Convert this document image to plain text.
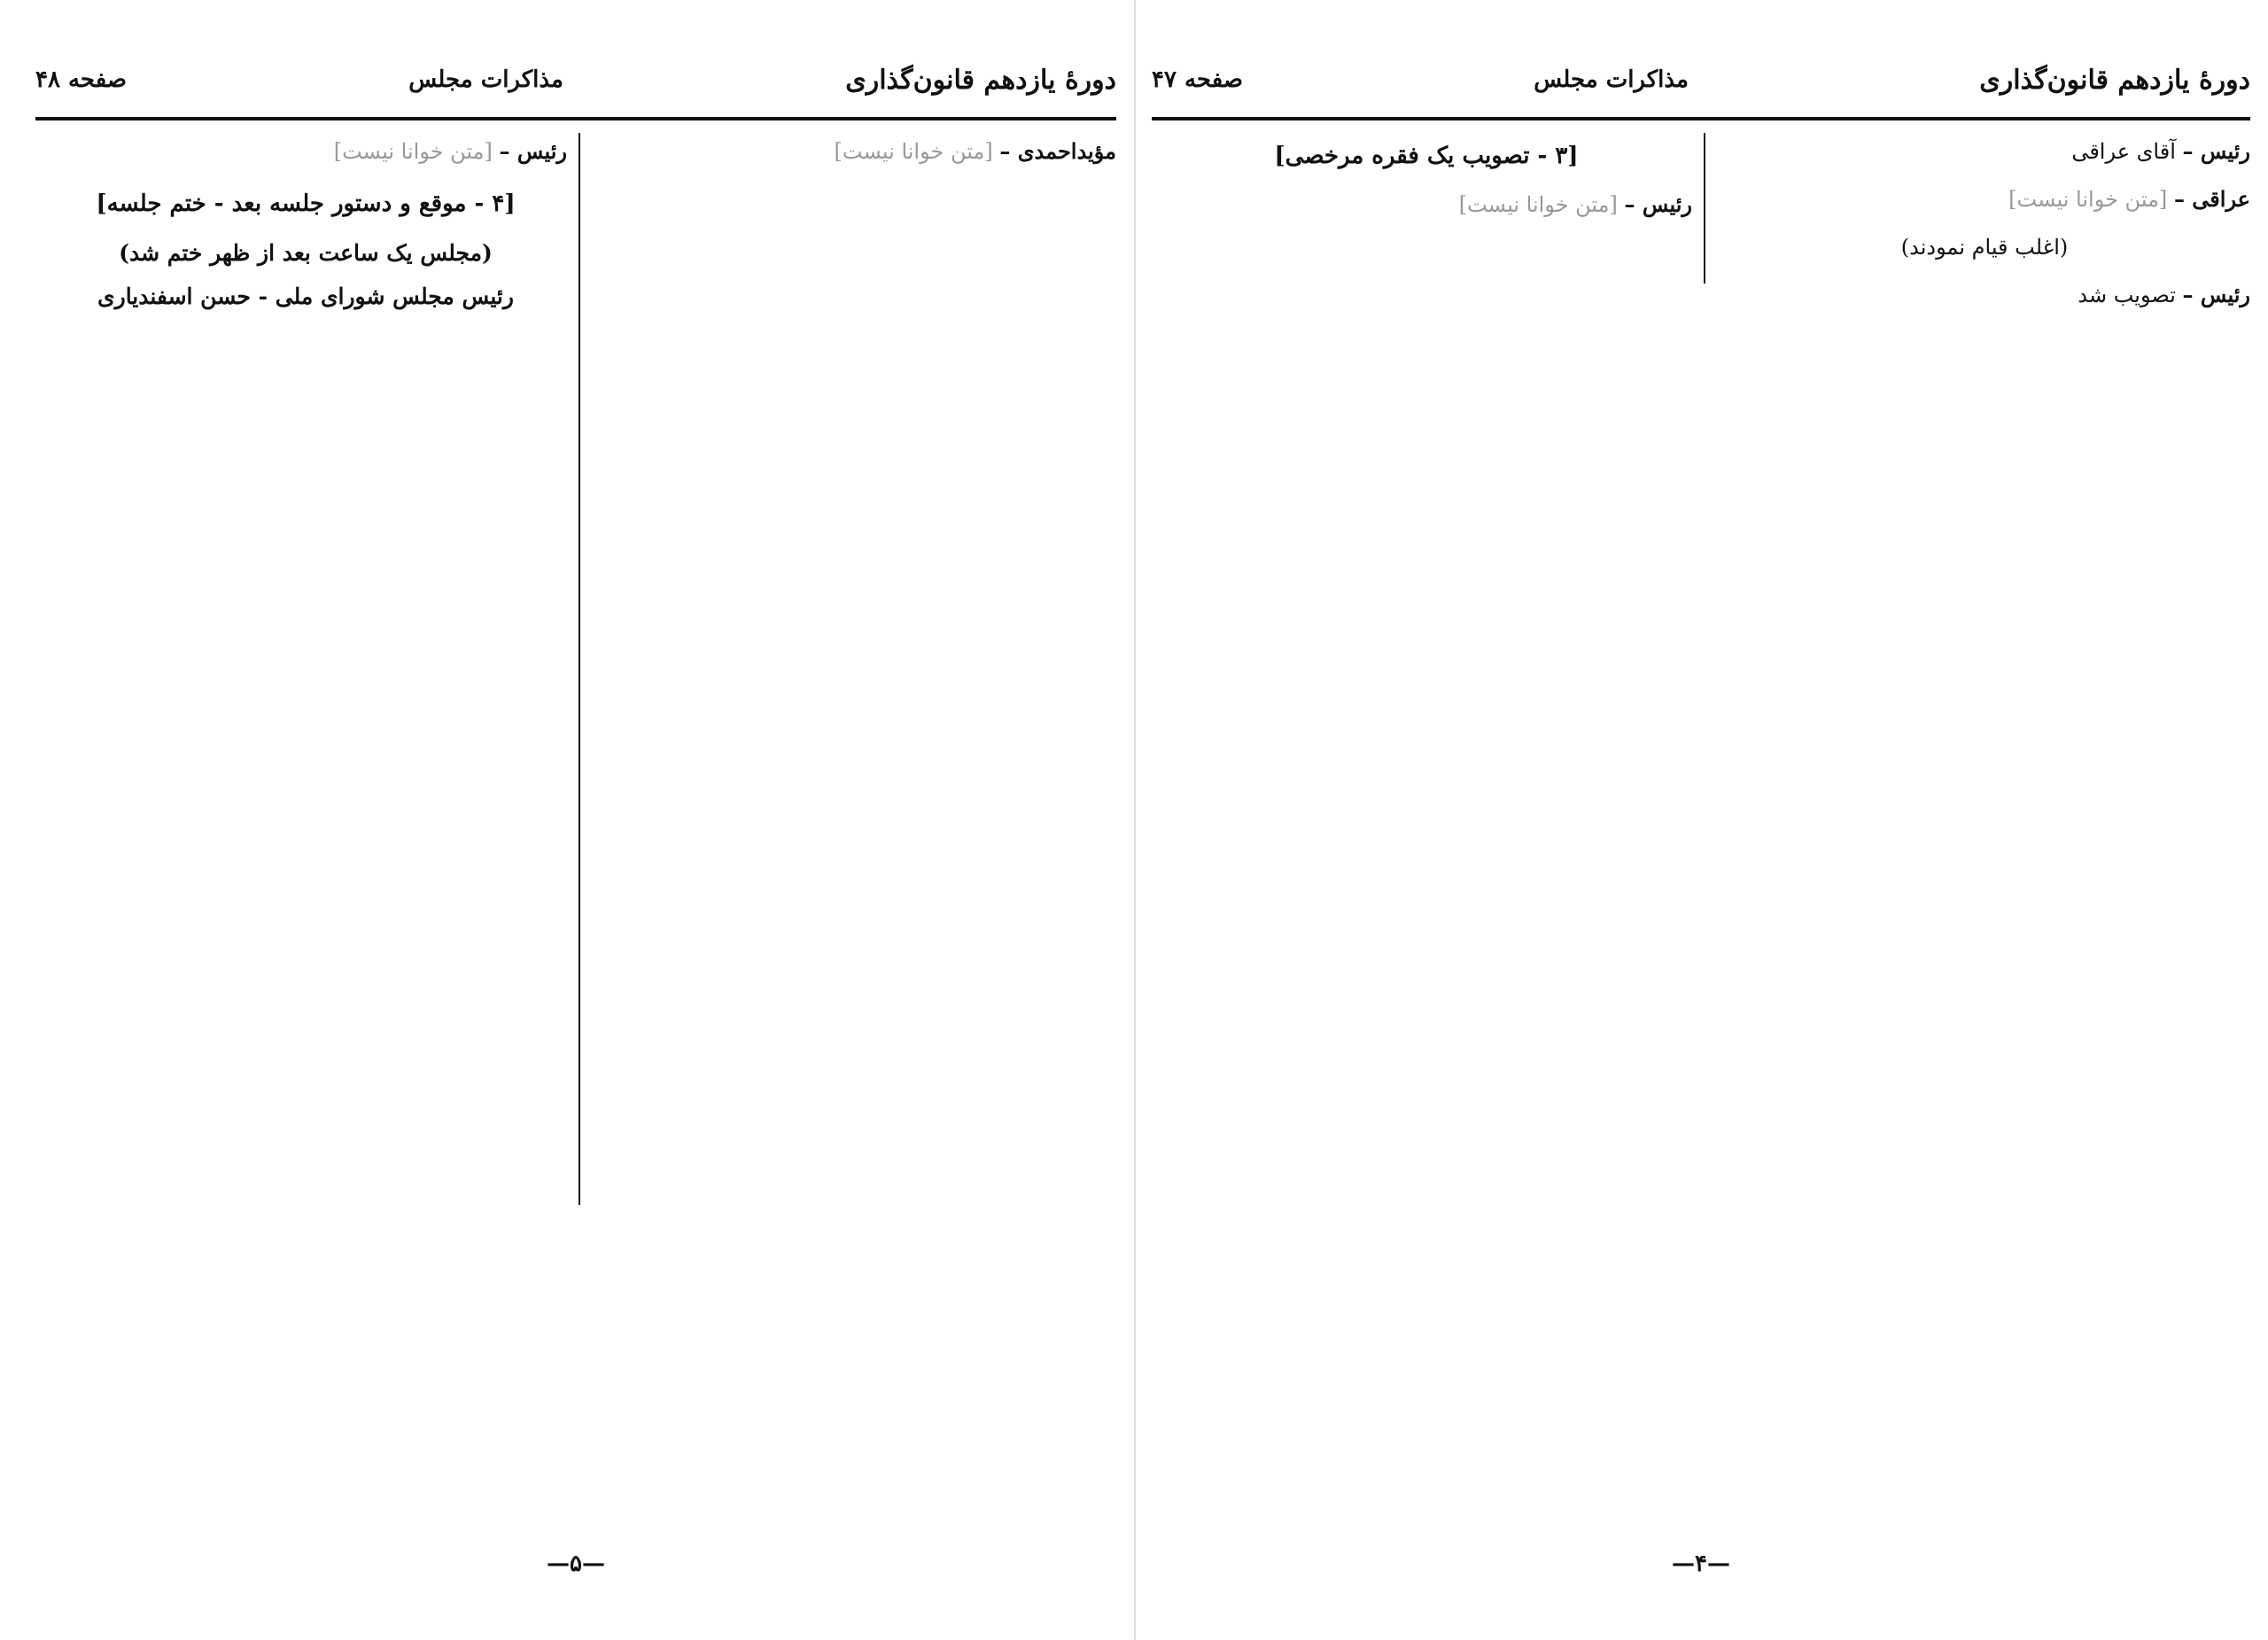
دورهٔ یازدهم قانون‌گذاری
مذاکرات مجلس
صفحه ۴۸

مؤیداحمدی – [متن خوانا نیست]

رئیس – [متن خوانا نیست]

[۴ - موقع و دستور جلسه بعد - ختم جلسه]
(مجلس یک ساعت بعد از ظهر ختم شد)
رئیس مجلس شورای ملی - حسن اسفندیاری
—۵—
دورهٔ یازدهم قانون‌گذاری
مذاکرات مجلس
صفحه ۴۷

رئیس – آقای عراقی

عراقی – [متن خوانا نیست]

(اغلب قیام نمودند)

رئیس – تصویب شد

[۳ - تصویب یک فقره مرخصی]

رئیس – [متن خوانا نیست]

—۴—
